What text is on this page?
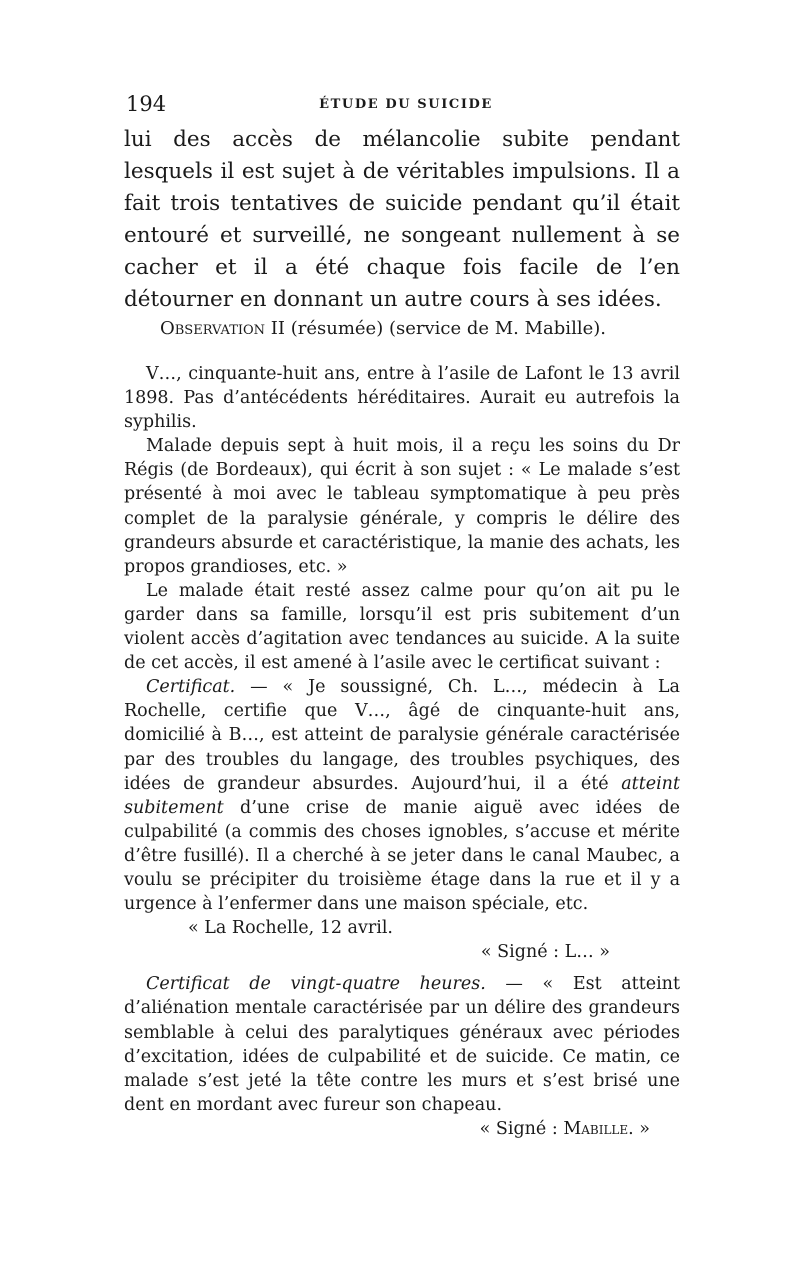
194	ÉTUDE DU SUICIDE

lui des accès de mélancolie subite pendant lesquels il est sujet à de véritables impulsions. Il a fait trois tentatives de suicide pendant qu’il était entouré et surveillé, ne songeant nullement à se cacher et il a été chaque fois facile de l’en détourner en donnant un autre cours à ses idées.

Observation II (résumée) (service de M. Mabille).

V…, cinquante-huit ans, entre à l’asile de Lafont le 13 avril 1898. Pas d’antécédents héréditaires. Aurait eu autrefois la syphilis.

Malade depuis sept à huit mois, il a reçu les soins du Dr Régis (de Bordeaux), qui écrit à son sujet : « Le malade s’est présenté à moi avec le tableau symptomatique à peu près complet de la paralysie générale, y compris le délire des grandeurs absurde et caractéristique, la manie des achats, les propos grandioses, etc. »

Le malade était resté assez calme pour qu’on ait pu le garder dans sa famille, lorsqu’il est pris subitement d’un violent accès d’agitation avec tendances au suicide. A la suite de cet accès, il est amené à l’asile avec le certificat suivant :

Certificat. — « Je soussigné, Ch. L…, médecin à La Rochelle, certifie que V…, âgé de cinquante-huit ans, domicilié à B…, est atteint de paralysie générale caractérisée par des troubles du langage, des troubles psychiques, des idées de grandeur absurdes. Aujourd’hui, il a été atteint subitement d’une crise de manie aiguë avec idées de culpabilité (a commis des choses ignobles, s’accuse et mérite d’être fusillé). Il a cherché à se jeter dans le canal Maubec, a voulu se précipiter du troisième étage dans la rue et il y a urgence à l’enfermer dans une maison spéciale, etc.

« La Rochelle, 12 avril.

« Signé : L… »

Certificat de vingt-quatre heures. — « Est atteint d’aliénation mentale caractérisée par un délire des grandeurs semblable à celui des paralytiques généraux avec périodes d’excitation, idées de culpabilité et de suicide. Ce matin, ce malade s’est jeté la tête contre les murs et s’est brisé une dent en mordant avec fureur son chapeau.

« Signé : Mabille. »
